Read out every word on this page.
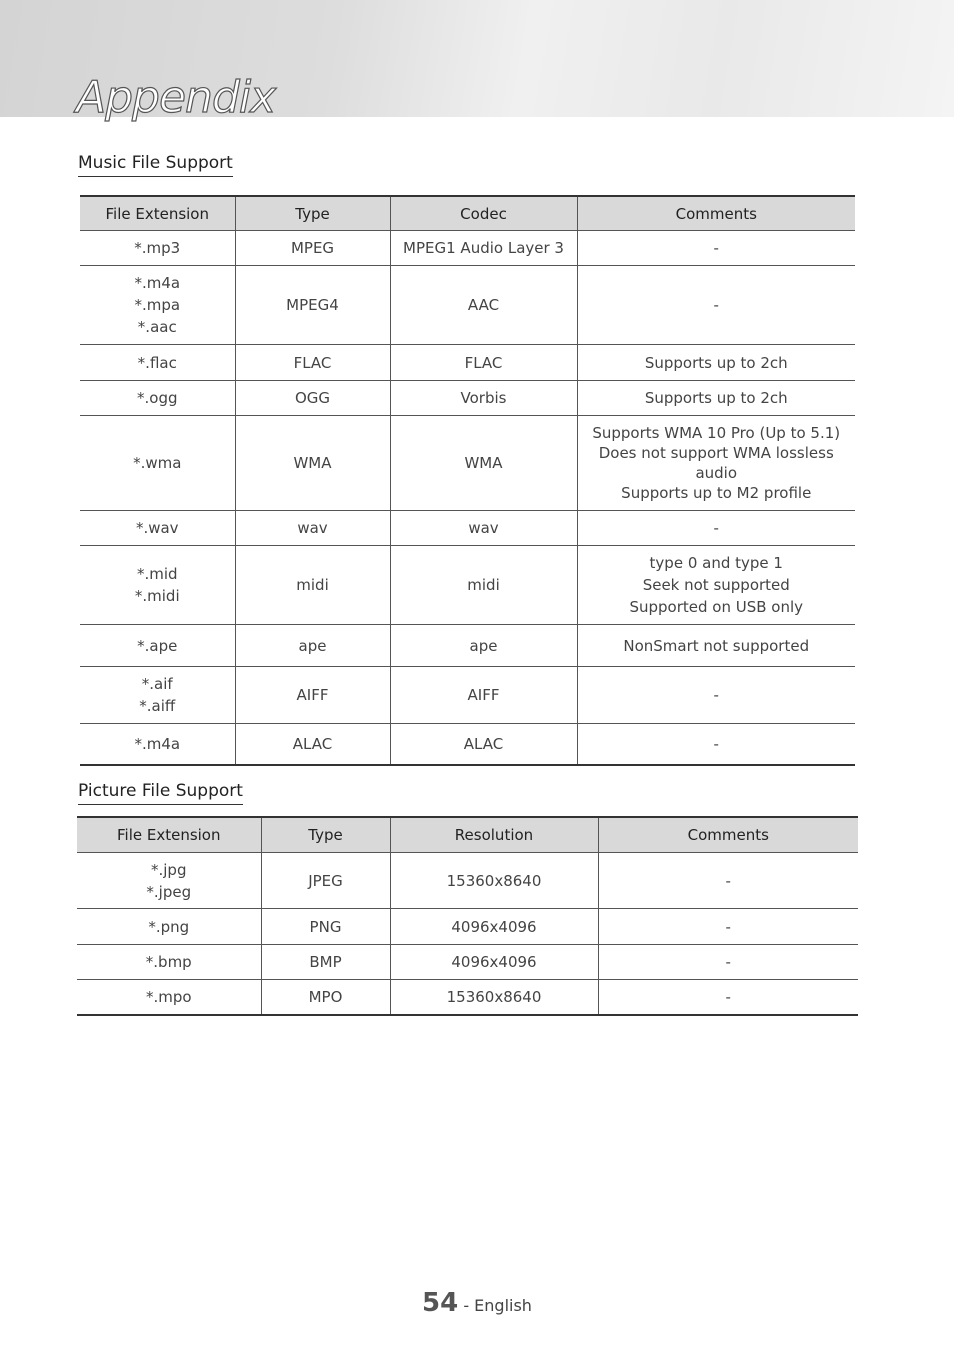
Appendix
Music File Support
File Extension	Type	Codec	Comments

*.mp3	MPEG	MPEG1 Audio Layer 3	-

*.m4a
*.mpa
*.aac	MPEG4	AAC	-

*.flac	FLAC	FLAC	Supports up to 2ch

*.ogg	OGG	Vorbis	Supports up to 2ch

*.wma	WMA	WMA	Supports WMA 10 Pro (Up to 5.1)
Does not support WMA lossless audio
Supports up to M2 profile

*.wav	wav	wav	-

*.mid
*.midi	midi	midi	type 0 and type 1
Seek not supported
Supported on USB only

*.ape	ape	ape	NonSmart not supported

*.aif
*.aiff	AIFF	AIFF	-

*.m4a	ALAC	ALAC	-
Picture File Support
File Extension	Type	Resolution	Comments

*.jpg
*.jpeg	JPEG	15360x8640	-

*.png	PNG	4096x4096	-

*.bmp	BMP	4096x4096	-

*.mpo	MPO	15360x8640	-
54 - English
